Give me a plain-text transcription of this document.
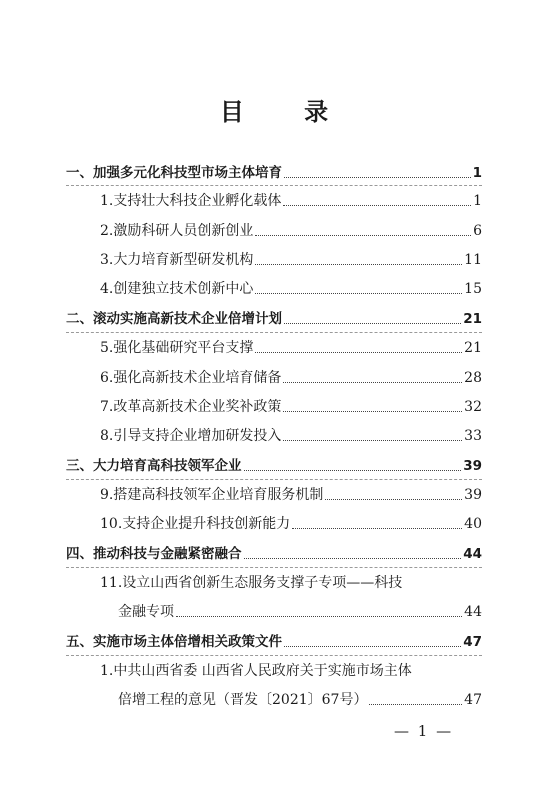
目 录
一、加强多元化科技型市场主体培育	1
1.支持壮大科技企业孵化载体	1
2.激励科研人员创新创业	6
3.大力培育新型研发机构	11
4.创建独立技术创新中心	15
二、滚动实施高新技术企业倍增计划	21
5.强化基础研究平台支撑	21
6.强化高新技术企业培育储备	28
7.改革高新技术企业奖补政策	32
8.引导支持企业增加研发投入	33
三、大力培育高科技领军企业	39
9.搭建高科技领军企业培育服务机制	39
10.支持企业提升科技创新能力	40
四、推动科技与金融紧密融合	44
11.设立山西省创新生态服务支撑子专项——科技
金融专项	44
五、实施市场主体倍增相关政策文件	47
1.中共山西省委 山西省人民政府关于实施市场主体
倍增工程的意见（晋发〔2021〕67号）	47
— 1 —
